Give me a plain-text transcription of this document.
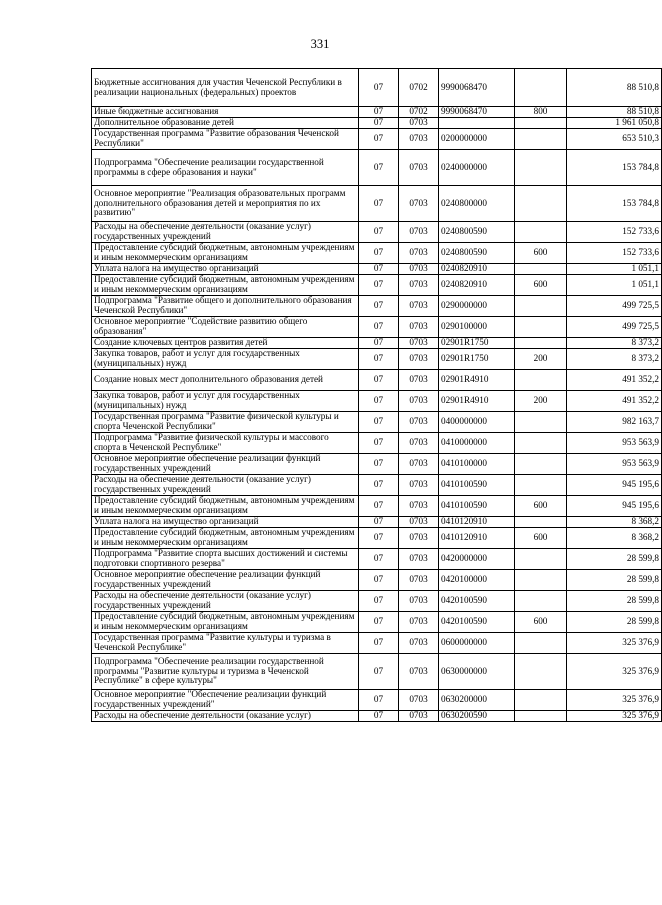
331
Бюджетные ассигнования для участия Чеченской Республики в реализации национальных (федеральных) проектов	07	0702	9990068470		88 510,8
Иные бюджетные ассигнования	07	0702	9990068470	800	88 510,8
Дополнительное образование детей	07	0703			1 961 050,8
Государственная программа "Развитие образования Чеченской Республики"	07	0703	0200000000		653 510,3
Подпрограмма "Обеспечение реализации государственной программы в сфере образования и науки"	07	0703	0240000000		153 784,8
Основное мероприятие "Реализация образовательных программ дополнительного образования детей и мероприятия по их развитию"	07	0703	0240800000		153 784,8
Расходы на обеспечение деятельности (оказание услуг) государственных учреждений	07	0703	0240800590		152 733,6
Предоставление субсидий бюджетным, автономным учреждениям и иным некоммерческим организациям	07	0703	0240800590	600	152 733,6
Уплата налога на имущество организаций	07	0703	0240820910		1 051,1
Предоставление субсидий бюджетным, автономным учреждениям и иным некоммерческим организациям	07	0703	0240820910	600	1 051,1
Подпрограмма "Развитие общего и дополнительного образования Чеченской Республики"	07	0703	0290000000		499 725,5
Основное мероприятие "Содействие развитию общего образования"	07	0703	0290100000		499 725,5
Создание ключевых центров развития детей	07	0703	02901R1750		8 373,2
Закупка товаров, работ и услуг для государственных (муниципальных) нужд	07	0703	02901R1750	200	8 373,2
Создание новых мест дополнительного образования детей	07	0703	02901R4910		491 352,2
Закупка товаров, работ и услуг для государственных (муниципальных) нужд	07	0703	02901R4910	200	491 352,2
Государственная программа "Развитие физической культуры и спорта Чеченской Республики"	07	0703	0400000000		982 163,7
Подпрограмма "Развитие физической культуры и массового спорта в Чеченской Республике"	07	0703	0410000000		953 563,9
Основное мероприятие обеспечение реализации функций государственных учреждений	07	0703	0410100000		953 563,9
Расходы на обеспечение деятельности (оказание услуг) государственных учреждений	07	0703	0410100590		945 195,6
Предоставление субсидий бюджетным, автономным учреждениям и иным некоммерческим организациям	07	0703	0410100590	600	945 195,6
Уплата налога на имущество организаций	07	0703	0410120910		8 368,2
Предоставление субсидий бюджетным, автономным учреждениям и иным некоммерческим организациям	07	0703	0410120910	600	8 368,2
Подпрограмма "Развитие спорта высших достижений и системы подготовки спортивного резерва"	07	0703	0420000000		28 599,8
Основное мероприятие обеспечение реализации функций государственных учреждений	07	0703	0420100000		28 599,8
Расходы на обеспечение деятельности (оказание услуг) государственных учреждений	07	0703	0420100590		28 599,8
Предоставление субсидий бюджетным, автономным учреждениям и иным некоммерческим организациям	07	0703	0420100590	600	28 599,8
Государственная программа "Развитие культуры и туризма в Чеченской Республике"	07	0703	0600000000		325 376,9
Подпрограмма "Обеспечение реализации государственной программы "Развитие культуры и туризма в Чеченской Республике" в сфере культуры"	07	0703	0630000000		325 376,9
Основное мероприятие "Обеспечение реализации функций государственных учреждений"	07	0703	0630200000		325 376,9
Расходы на обеспечение деятельности (оказание услуг)	07	0703	0630200590		325 376,9
